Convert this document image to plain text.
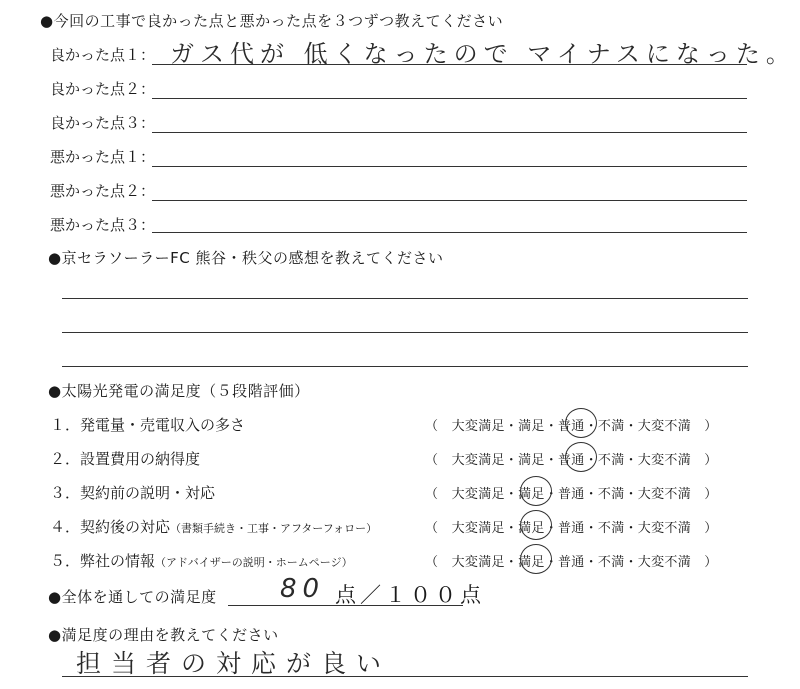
●今回の工事で良かった点と悪かった点を３つずつ教えてください
良かった点１： ガス代が 低くなったので マイナスになった。
良かった点２：
良かった点３：
悪かった点１：
悪かった点２：
悪かった点３：
●京セラソーラーFC 熊谷・秩父の感想を教えてください
●太陽光発電の満足度（５段階評価）
１．発電量・売電収入の多さ	（　大変満足・満足・普通・不満・大変不満　）
２．設置費用の納得度	（　大変満足・満足・普通・不満・大変不満　）
３．契約前の説明・対応	（　大変満足・満足・普通・不満・大変不満　）
４．契約後の対応（書類手続き・工事・アフターフォロー）	（　大変満足・満足・普通・不満・大変不満　）
５．弊社の情報（アドバイザーの説明・ホームページ）	（　大変満足・満足・普通・不満・大変不満　）
●全体を通しての満足度 80 点／１００点
●満足度の理由を教えてください
担当者の対応が良い
